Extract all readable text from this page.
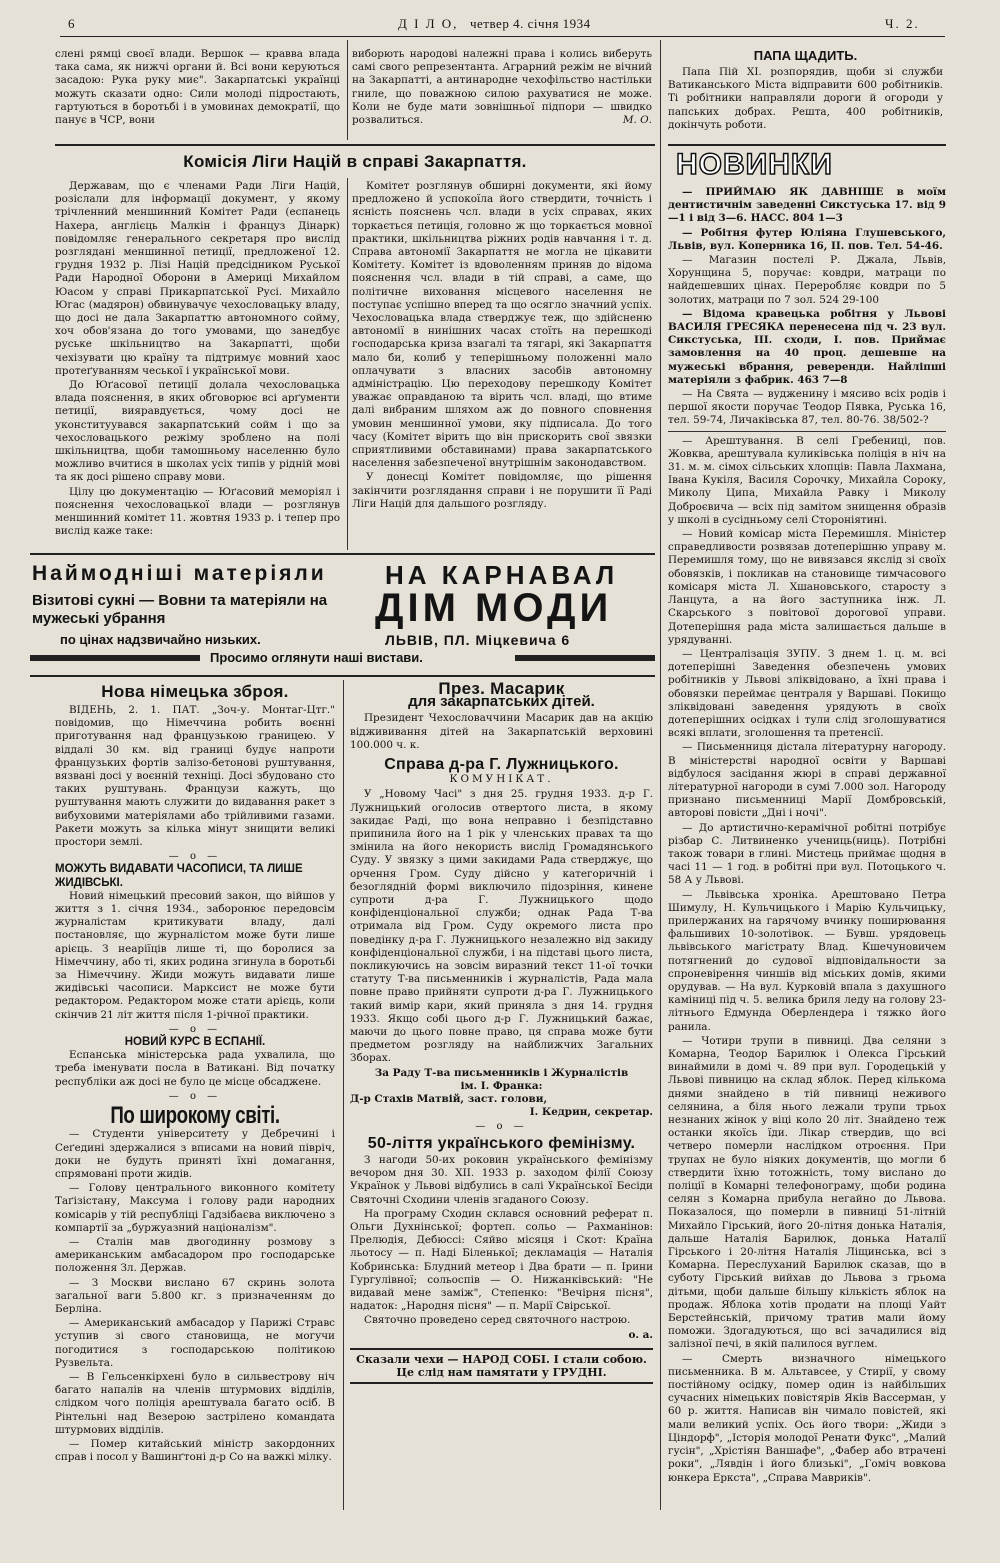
6	Д І Л О, четвер 4. січня 1934	Ч. 2.
слені рямці своєї влади. Вершок — кравва влада така сама, як нижчі органи й. Всі вони керуються засадою: Рука руку миє". Закарпатські українці можуть сказати одно: Сили молоді підростають, гартуються в боротьбі і в умовинах демократії, що панує в ЧСР, вони
виборють народові належні права і колись виберуть самі свого репрезентанта. Аграрний режім не вічний на Закарпатті, а антинародне чехофільство настільки гниле, що поважною силою рахуватися не може. Коли не буде мати зовнішньої підпори — швидко розвалиться.	М. О.
ПАПА ЩАДИТЬ.
Папа Пій XI. розпорядив, щоби зі служби Ватиканського Міста відправити 600 робітників. Ті робітники направляли дороги й огороди у папських добрах. Решта, 400 робітників, докінчуть роботи.
Комісія Ліги Націй в справі Закарпаття.

Державам, що є членами Ради Ліги Націй, розіслали для інформації документ, у якому трічленний меншинний Комітет Ради (еспанець Нахера, англієць Малкін і француз Дінарк) повідомляє генерального секретаря про вислід розглядані меншинної петиції, предложеної 12. грудня 1932 р. Лізі Націй предсідником Руської Ради Народної Оборони в Америці Михайлом Юасом у справі Прикарпатської Русі. Михайло Югас (мадярон) обвинувачує чехословацьку владу, що досі не дала Закарпаттю автономного сойму, хоч обов'язана до того умовами, що занедбує руське шкільництво на Закарпатті, щоби чехізувати цю країну та підтримує мовний хаос протеґуванням чеської і української мови.

До Юґасової петиції долала чехословацька влада пояснення, в яких обговорює всі арґументи петиції, вияравдується, чому досі не уконституувався закарпатський сойм і що за чехословацького режіму зроблено на полі шкільництва, щоби тамошньому населенню було можливо вчитися в школах усіх типів у рідній мові та як досі рішено справу мови.

Цілу цю документацію — Юґасовий меморіял і пояснення чехословацької влади — розглянув меншинний комітет 11. жовтня 1933 р. і тепер про вислід каже таке:

Комітет розглянув обширні документи, які йому предложено й успокоїла його ствердити, точність і ясність пояснень чсл. влади в усіх справах, яких торкається петиція, головно ж що торкається мовної практики, шкільництва ріжних родів навчання і т. д. Справа автономії Закарпаття не могла не цікавити Комітету. Комітет із вдоволенням приняв до відома пояснення чсл. влади в тій справі, а саме, що політичне виховання місцевого населення не поступає успішно вперед та що осягло значний успіх. Чехословацька влада стверджує теж, що здійсненю автономії в нинішних часах стоїть на перешкоді господарська криза взагалі та тягарі, які Закарпаття мало би, колиб у теперішньому положенні мало оплачувати з власних засобів автономну адміністрацію. Цю переходову перешкоду Комітет уважає оправданою та вірить чсл. владі, що втиме далі вибраним шляхом аж до повного сповнення умовин меншинної умови, яку підписала. До того часу (Комітет вірить що він прискорить свої звязки сприятливими обставинами) права закарпатського населення забезпеченої внутрішнім законодавством.

У донесці Комітет повідомляє, що рішення закінчити розглядання справи і не порушити її Раді Ліги Націй для дальшого розгляду.

Наймодніші матеріяли
Візитові сукні — Вовни та матеріяли на мужеські убрання
по цінах надзвичайно низьких.
НА КАРНАВАЛ
ДІМ МОДИ
ЛЬВІВ, ПЛ. Міцкевича 6
Просимо оглянути наші вистави.
Нова німецька зброя.

ВІДЕНЬ, 2. 1. ПАТ. „Зоч-у. Монтаг-Цтг." повідомив, що Німеччина робить воєнні приготування над французькою границею. У віддалі 30 км. від границі будує напроти французьких фортів залізо-бетонові руштування, вязвані досі у воєнній техніці. Досі збудовано сто таких руштувань. Французи кажуть, що руштування мають служити до видавання ракет з вибуховими матеріялами або трійливими газами. Ракети можуть за кілька мінут знищити великі простори землі.

— о —
МОЖУТЬ ВИДАВАТИ ЧАСОПИСИ, ТА ЛИШЕ ЖИДІВСЬКІ.

Новий німецький пресовий закон, що війшов у життя з 1. січня 1934., заборонює передовсім журналістам критикувати владу, далі постановляє, що журналістом може бути лише арієць. З неаріїців лише ті, що боролися за Німеччину, або ті, яких родина згинула в боротьбі за Німеччину. Жиди можуть видавати лише жидівські часописи. Марксист не може бути редактором. Редактором може стати арієць, коли скінчив 21 літ життя після 1-річної практики.

— о —
НОВИЙ КУРС В ЕСПАНІЇ.

Еспанська міністерська рада ухвалила, що треба іменувати посла в Ватикані. Від початку республіки аж досі не було це місце обсаджене.

— о —
По широкому світі.

— Студенти університету у Дебречині і Сеґедині здержалися з вписами на новий півріч, доки не будуть приняті їхні домагання, спрямовані проти жидів.

— Голову центрального виконного комітету Таґізістану, Максума і голову ради народних комісарів у тій республіці Гадзібаєва виключено з компартії за „буржуазний націоналізм".

— Сталін мав двогодинну розмову з американським амбасадором про господарське положення Зл. Держав.

— З Москви вислано 67 скринь золота загальної ваги 5.800 кг. з призначенням до Берліна.

— Американський амбасадор у Парижі Стравс уступив зі свого становища, не могучи погодитися з господарською політикою Рузвельта.

— В Гельсенкірхені було в сильвестрову ніч багато напалів на членів штурмових відділів, слідком чого поліція арештувала багато осіб. В Рінтельні над Везерою застрілено командата штурмових відділів.

— Помер китайський міністр закордонних справ і посол у Вашинґтоні д-р Со на важкі мілку.

През. Масарик
для закарпатських дітей.

Президент Чехословаччини Масарик дав на акцію віджививання дітей на Закарпатській верховині 100.000 ч. к.

Справа д-ра Г. Лужницького.
КОМУНІКАТ.

У „Новому Часі" з дня 25. грудня 1933. д-р Г. Лужницький оголосив отвертого листа, в якому закидає Раді, що вона неправно і безпідставно припинила його на 1 рік у членських правах та що змінила на його некористь вислід Громадянського Суду. У звязку з цими закидами Рада стверджує, що орчення Гром. Суду дійсно у категоричній і безоглядній формі виключило підозріння, кинене супроти д-ра Г. Лужницького щодо конфіденціональної служби; однак Рада Т-ва отримала від Гром. Суду окремого листа про поведінку д-ра Г. Лужницького незалежно від закиду конфіденціональної служби, і на підставі цього листа, покликуючись на зовсім виразний текст 11-ої точки статуту Т-ва письменників і журналістів, Рада мала повне право прийняти супроти д-ра Г. Лужницького такий вимір кари, який приняла з дня 14. грудня 1933. Якщо собі цього д-р Г. Лужницький бажає, маючи до цього повне право, ця справа може бути предметом розгляду на найближчих Загальних Зборах.

За Раду Т-ва письменників і Журналістів
ім. І. Франка:
Д-р Стахів Матвій, заст. голови,
І. Кедрин, секретар.
— о —
50-ліття українського фемінізму.

З нагоди 50-их роковин українського фемінізму вечором дня 30. XII. 1933 р. заходом філії Союзу Українок у Львові відбулись в салі Української Бесіди Святочні Сходини членів згаданого Союзу.

На програму Сходин склався основний реферат п. Ольги Духнінської; фортеп. сольо — Рахманінов: Прелюдія, Дебюссі: Сяйво місяця і Скот: Країна льотосу — п. Наді Біленької; декламація — Наталія Кобринська: Блудний метеор і Два брати — п. Ірини Гургулівної; сольоспів — О. Нижанківський: "Не видавай мене заміж", Степенко: "Вечірня пісня", надаток: „Народня пісня" — п. Марії Свірської.

Святочно проведено серед святочного настрою.

о. а.
Сказали чехи — НАРОД СОБІ. І стали собою. Це слід нам памятати у ГРУДНІ.
НОВИНКИ

— ПРИЙМАЮ ЯК ДАВНІШЕ в моїм дентистичнім заведенні Сикстуська 17. від 9—1 і від 3—6. НАСС. 804 1—3

— Робітня футер Юліяна Глушевського, Львів, вул. Коперника 16, II. пов. Тел. 54-46.

— Магазин постелі Р. Джала, Львів, Хорунщина 5, поручає: ковдри, матраци по найдешевших цінах. Переробляє ковдри по 5 золотих, матраци по 7 зол. 524 29-100

— Відома кравецька робітня у Львові ВАСИЛЯ ГРЕСЯКА перенесена під ч. 23 вул. Сикстуська, III. сходи, I. пов. Приймає замовлення на 40 проц. дешевше на мужеські вбрання, реверенди. Найліпші матеріяли з фабрик. 463 7—8

— На Свята — вудженину і мясиво всіх родів і першої якости поручає Теодор Пявка, Руська 16, тел. 59-74, Личаківська 87, тел. 80-76. 38/502-?

— Арештування. В селі Гребениці, пов. Жовква, арештувала куликівська поліція в ніч на 31. м. м. сімох сільських хлопців: Павла Лахмана, Івана Кукіля, Василя Сорочку, Михайла Сороку, Миколу Ципа, Михайла Равку і Миколу Доброєвича — всіх під замітом знищення образів у школі в сусідньому селі Стороніятині.

— Новий комісар міста Перемишля. Міністер справедливости розвязав дотеперішню управу м. Перемишля тому, що не вивязався якслід зі своїх обовязків, і покликав на становище тимчасового комісаря міста Л. Хшановського, старосту з Ланцута, а на його заступника інж. Л. Скарського з повітової дорогової управи. Дотеперішня рада міста залишається дальше в урядуванні.

— Централізація ЗУПУ. З днем 1. ц. м. всі дотеперішні Заведення обезпечень умових робітників у Львові зліквідовано, а їхні права і обовязки переймає централя у Варшаві. Покищо зліквідовані заведення урядують в своїх дотеперішних осідках і тули слід зголошуватися всякі вплати, зголошення та претенсії.

— Письменниця дістала літературну нагороду. В міністерстві народної освіти у Варшаві відбулося засідання жюрі в справі державної літературної нагороди в сумі 7.000 зол. Нагороду признано письменниці Марії Домбровській, авторові повісти „Дні і ночі".

— До артистично-керамічної робітні потрібує різбар С. Литвиненко учениць(ниць). Потрібні також товари в глині. Мистець приймає щодня в часі 11 — 1 год. в робітні при вул. Потоцького ч. 58 А у Львові.

— Львівська хроніка. Арештовано Петра Шимулу, Н. Кульчицького і Марію Кульчицьку, прилержаних на гарячому вчинку поширювання фальшивих 10-золотівок. — Бувш. урядовець львівського магістрату Влад. Кшечуновичем потягнений до судової відповідальности за спроневірення чиншів від міських домів, якими орудував. — На вул. Курковій впала з дахушного каміниці під ч. 5. велика бриля леду на голову 23-літнього Едмунда Оберлендера і тяжко його ранила.

— Чотири трупи в пивниці. Два селяни з Комарна, Теодор Барилюк і Олекса Гірський винаймили в домі ч. 89 при вул. Городецькій у Львові пивницю на склад яблок. Перед кількома днями знайдено в тій пивниці неживого селянина, а біля нього лежали трупи трьох незнаних жінок у віці коло 20 літ. Знайдено теж останки якоїсь їди. Лікар ствердив, що всі четверо померли наслідком отроєння. При трупах не було ніяких документів, що могли б ствердити їхню тотожність, тому вислано до поліції в Комарні телефонограму, щоби родина селян з Комарна прибула негайно до Львова. Показалося, що померли в пивниці 51-літній Михайло Гірський, його 20-літня донька Наталія, дальше Наталія Барилюк, донька Наталії Гірського і 20-літня Наталія Ліщинська, всі з Комарна. Переслуханий Барилюк сказав, що в суботу Гірський вийхав до Львова з грьома дітьми, щоби дальше більшу кількість яблок на продаж. Яблока хотів продати на площі Уайт Берстейнській, причому тратив мали йому поможи. Здогадуються, що всі зачадилися від залізної печі, в якій палилося вуглем.

— Смерть визначного німецького письменника. В м. Альтавсее, у Стирії, у свому постійному осідку, помер один із найбільших сучасних німецьких повістярів Яків Вассерман, у 60 р. життя. Написав він чимало повістей, які мали великий успіх. Ось його твори: „Жиди з Ціндорф", „Історія молодої Ренати Фукс", „Малий гусін", „Хрістіян Ваншафе", „Фабер або втрачені роки", „Лявдін і його близькі", „Гоміч вовкова юнкера Еркста", „Справа Мавриків".
